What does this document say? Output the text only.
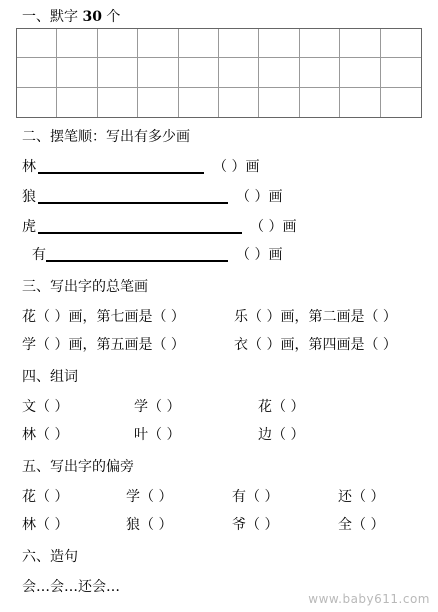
一、默字 30 个
二、摆笔顺：写出有多少画
林	（ ）画
狼	（ ）画
虎	（ ）画
有	（ ）画
三、写出字的总笔画
花（ ）画，第七画是（ ）	乐（ ）画，第二画是（ ）
学（ ）画，第五画是（ ）	衣（ ）画，第四画是（ ）
四、组词
文（ ）	学（ ）	花（ ）
林（ ）	叶（ ）	边（ ）
五、写出字的偏旁
花（ ）	学（ ）	有（ ）	还（ ）
林（ ）	狼（ ）	爷（ ）	全（ ）
六、造句
会…会…还会…
www.baby611.com
